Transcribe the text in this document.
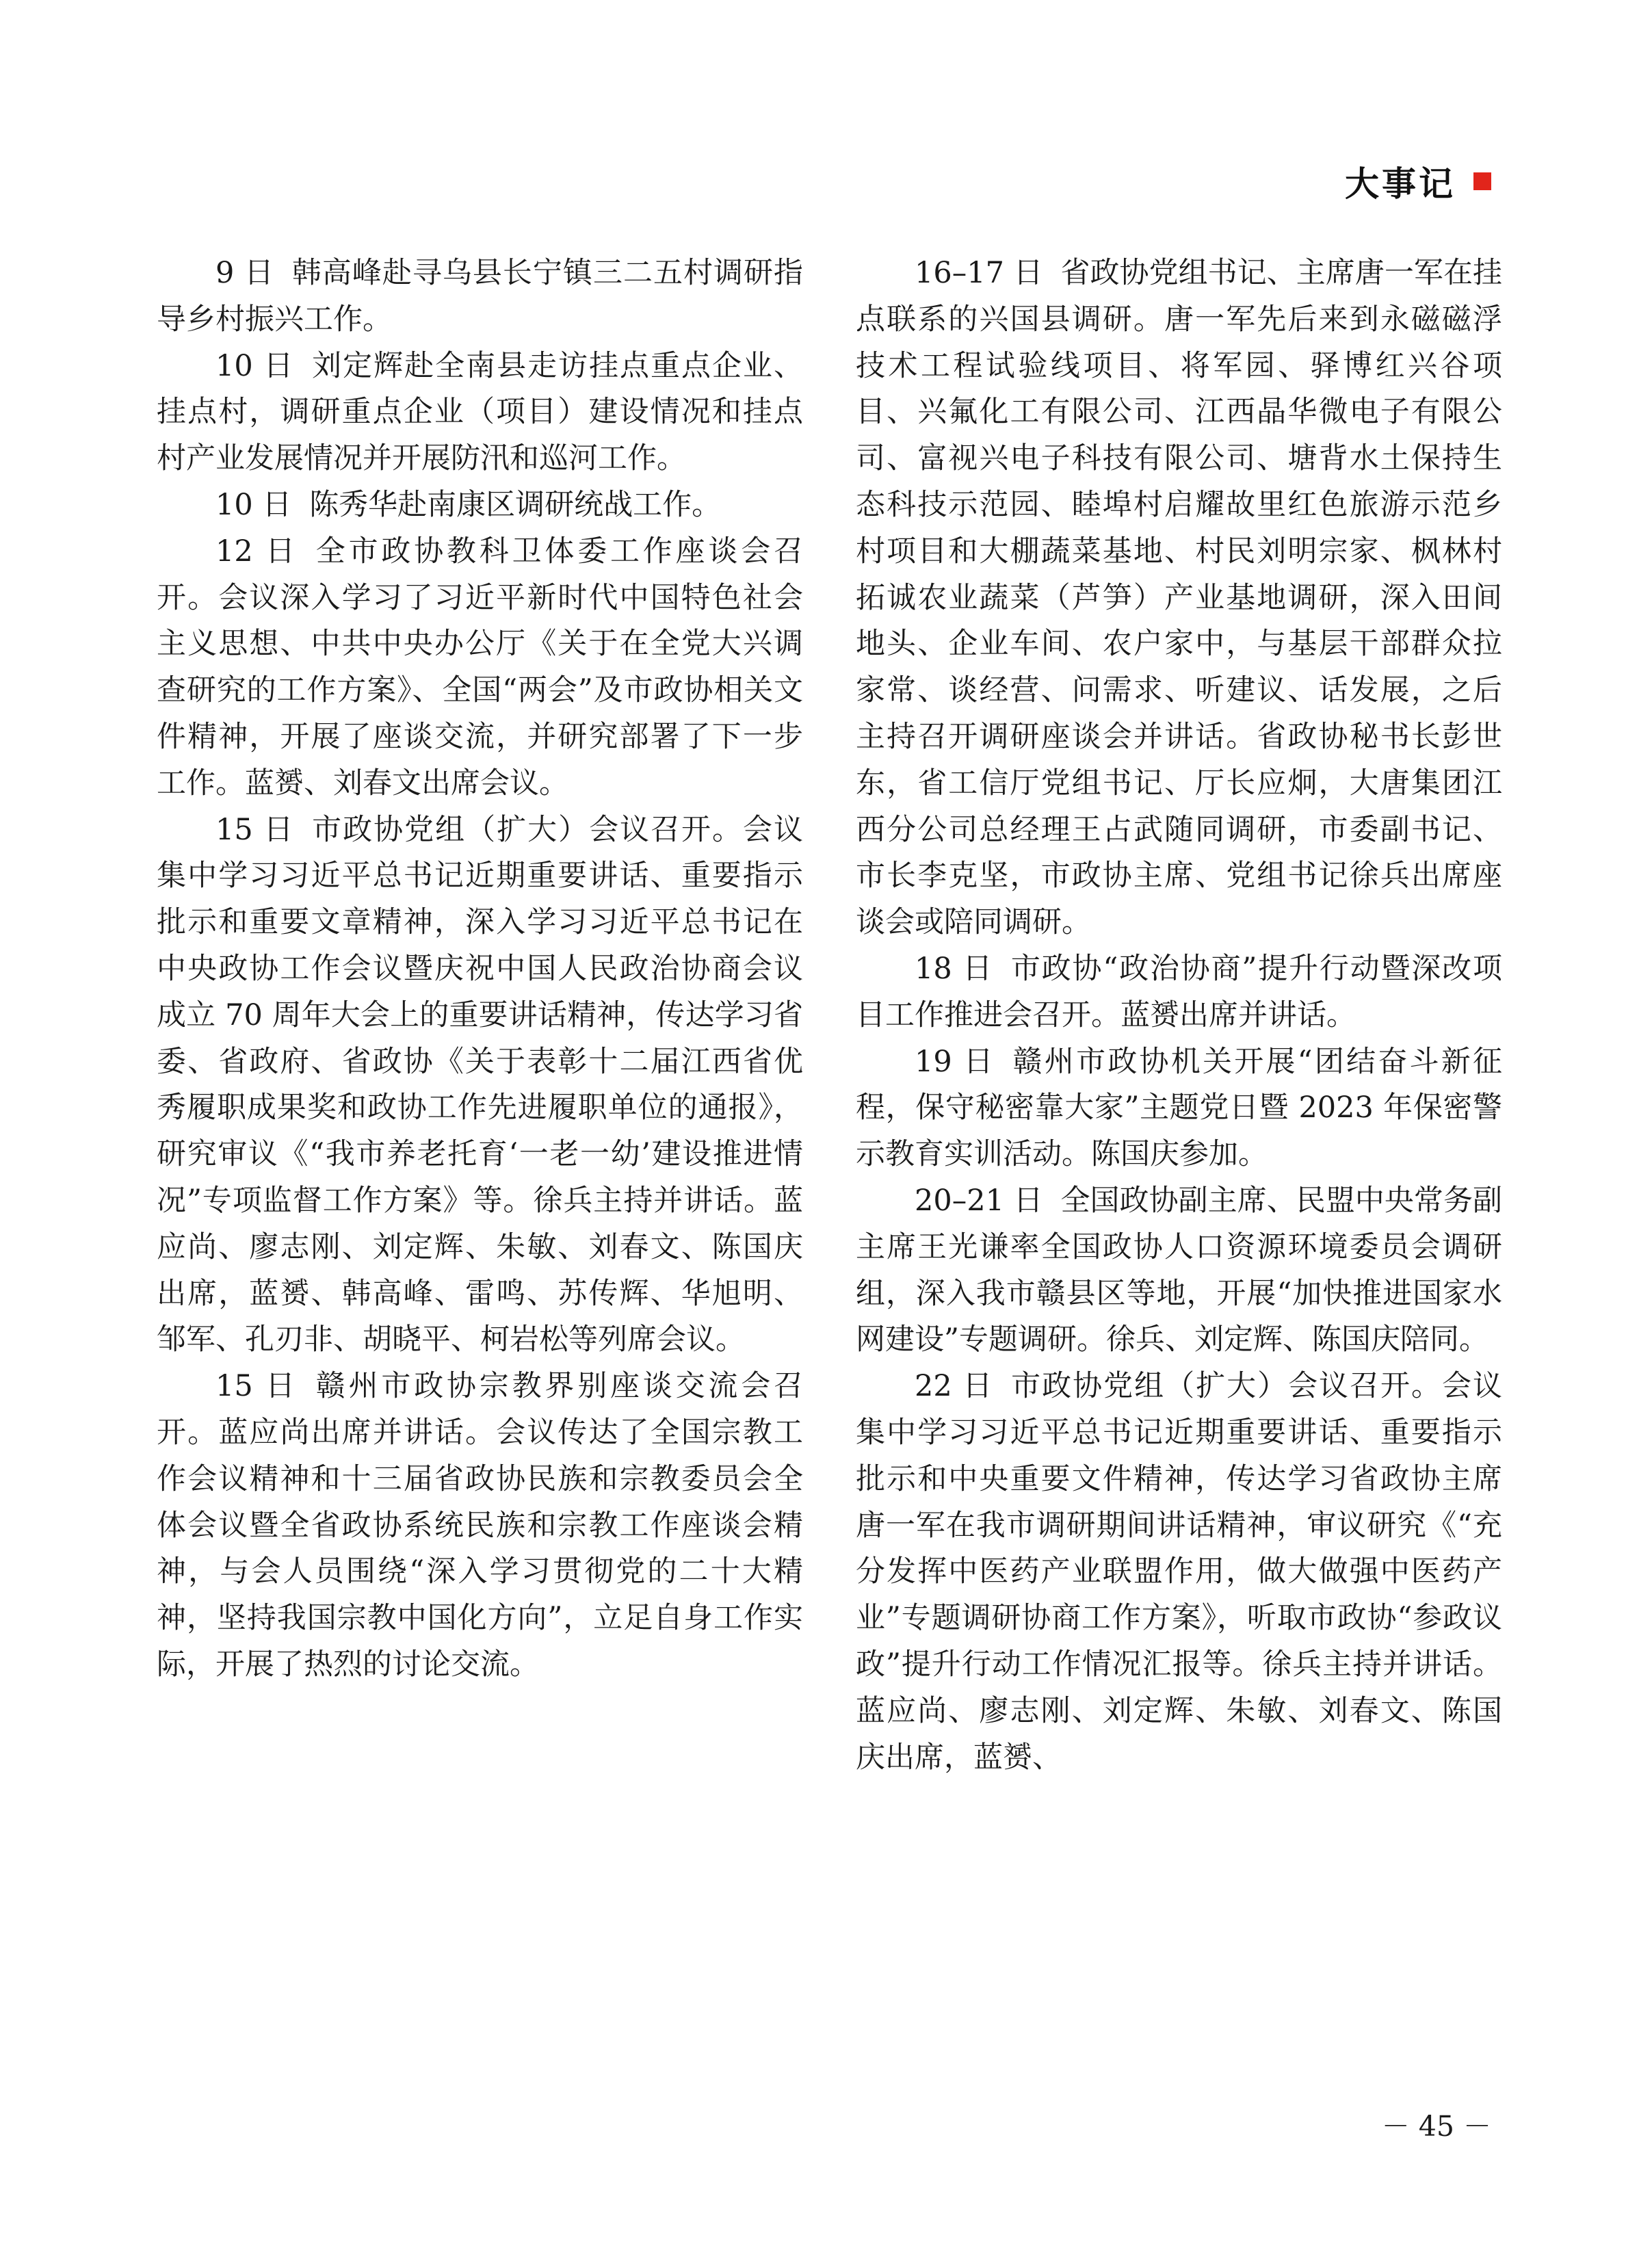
大事记

9 日 韩高峰赴寻乌县长宁镇三二五村调研指导乡村振兴工作。

10 日 刘定辉赴全南县走访挂点重点企业、挂点村，调研重点企业（项目）建设情况和挂点村产业发展情况并开展防汛和巡河工作。

10 日 陈秀华赴南康区调研统战工作。

12 日 全市政协教科卫体委工作座谈会召开。会议深入学习了习近平新时代中国特色社会主义思想、中共中央办公厅《关于在全党大兴调查研究的工作方案》、全国“两会”及市政协相关文件精神，开展了座谈交流，并研究部署了下一步工作。蓝赟、刘春文出席会议。

15 日 市政协党组（扩大）会议召开。会议集中学习习近平总书记近期重要讲话、重要指示批示和重要文章精神，深入学习习近平总书记在中央政协工作会议暨庆祝中国人民政治协商会议成立 70 周年大会上的重要讲话精神，传达学习省委、省政府、省政协《关于表彰十二届江西省优秀履职成果奖和政协工作先进履职单位的通报》，研究审议《“我市养老托育‘一老一幼’建设推进情况”专项监督工作方案》等。徐兵主持并讲话。蓝应尚、廖志刚、刘定辉、朱敏、刘春文、陈国庆出席，蓝赟、韩高峰、雷鸣、苏传辉、华旭明、邹军、孔刃非、胡晓平、柯岩松等列席会议。

15 日 赣州市政协宗教界别座谈交流会召开。蓝应尚出席并讲话。会议传达了全国宗教工作会议精神和十三届省政协民族和宗教委员会全体会议暨全省政协系统民族和宗教工作座谈会精神，与会人员围绕“深入学习贯彻党的二十大精神，坚持我国宗教中国化方向”，立足自身工作实际，开展了热烈的讨论交流。

16–17 日 省政协党组书记、主席唐一军在挂点联系的兴国县调研。唐一军先后来到永磁磁浮技术工程试验线项目、将军园、驿博红兴谷项目、兴氟化工有限公司、江西晶华微电子有限公司、富视兴电子科技有限公司、塘背水土保持生态科技示范园、睦埠村启耀故里红色旅游示范乡村项目和大棚蔬菜基地、村民刘明宗家、枫林村拓诚农业蔬菜（芦笋）产业基地调研，深入田间地头、企业车间、农户家中，与基层干部群众拉家常、谈经营、问需求、听建议、话发展，之后主持召开调研座谈会并讲话。省政协秘书长彭世东，省工信厅党组书记、厅长应炯，大唐集团江西分公司总经理王占武随同调研，市委副书记、市长李克坚，市政协主席、党组书记徐兵出席座谈会或陪同调研。

18 日 市政协“政治协商”提升行动暨深改项目工作推进会召开。蓝赟出席并讲话。

19 日 赣州市政协机关开展“团结奋斗新征程，保守秘密靠大家”主题党日暨 2023 年保密警示教育实训活动。陈国庆参加。

20–21 日 全国政协副主席、民盟中央常务副主席王光谦率全国政协人口资源环境委员会调研组，深入我市赣县区等地，开展“加快推进国家水网建设”专题调研。徐兵、刘定辉、陈国庆陪同。

22 日 市政协党组（扩大）会议召开。会议集中学习习近平总书记近期重要讲话、重要指示批示和中央重要文件精神，传达学习省政协主席唐一军在我市调研期间讲话精神，审议研究《“充分发挥中医药产业联盟作用，做大做强中医药产业”专题调研协商工作方案》，听取市政协“参政议政”提升行动工作情况汇报等。徐兵主持并讲话。蓝应尚、廖志刚、刘定辉、朱敏、刘春文、陈国庆出席，蓝赟、

－ 45 －
